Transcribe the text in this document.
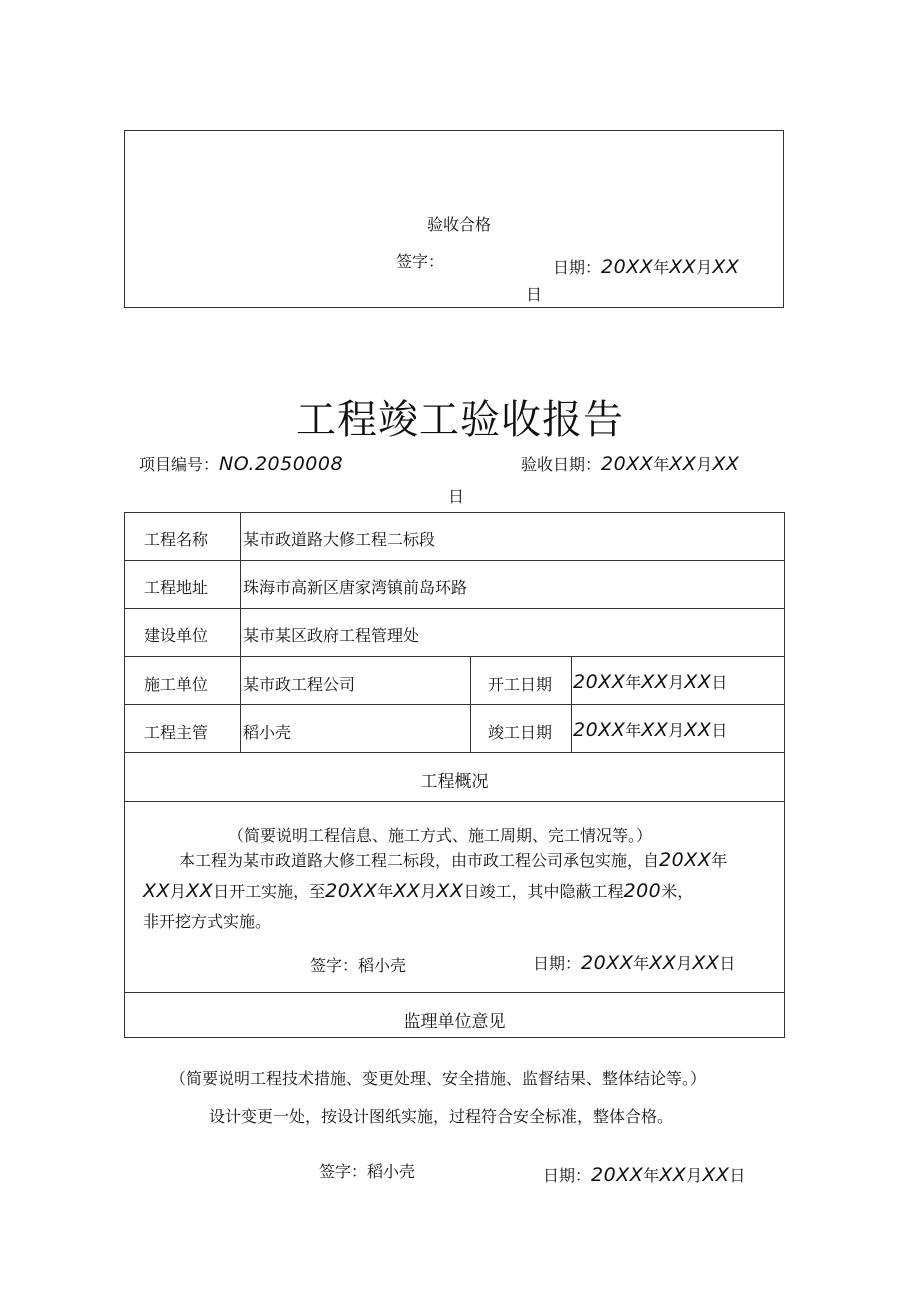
验收合格
签字：	日期：20XX年XX月XX
日
工程竣工验收报告
项目编号：NO.2050008	验收日期：20XX年XX月XX
日
工程名称 某市政道路大修工程二标段
工程地址 珠海市高新区唐家湾镇前岛环路
建设单位 某市某区政府工程管理处
施工单位 某市政工程公司	开工日期 20XX年XX月XX日
工程主管 稻小壳	竣工日期 20XX年XX月XX日
工程概况
（简要说明工程信息、施工方式、施工周期、完工情况等。）
本工程为某市政道路大修工程二标段，由市政工程公司承包实施，自20XX年
XX月XX日开工实施，至20XX年XX月XX日竣工，其中隐蔽工程200米，
非开挖方式实施。
签字：稻小壳	日期：20XX年XX月XX日
监理单位意见
（简要说明工程技术措施、变更处理、安全措施、监督结果、整体结论等。）
设计变更一处，按设计图纸实施，过程符合安全标准，整体合格。
签字：稻小壳	日期：20XX年XX月XX日
